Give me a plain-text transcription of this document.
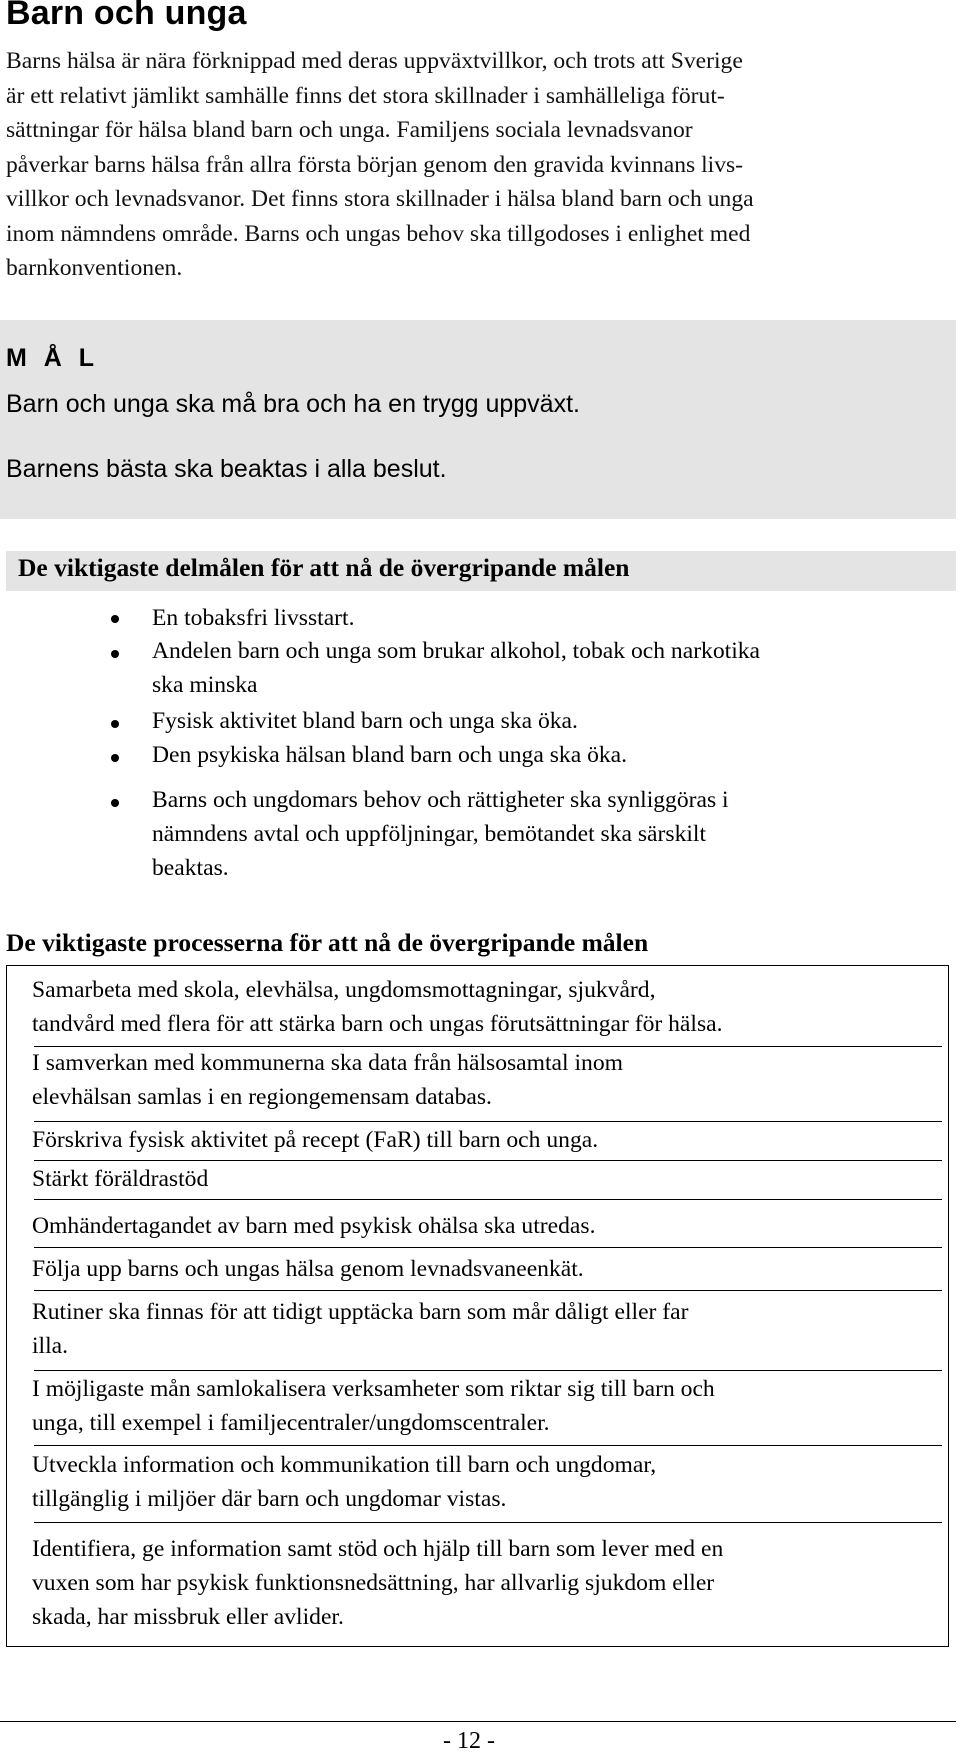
Barn och unga
Barns hälsa är nära förknippad med deras uppväxtvillkor, och trots att Sverige
är ett relativt jämlikt samhälle finns det stora skillnader i samhälleliga förut-
sättningar för hälsa bland barn och unga. Familjens sociala levnadsvanor
påverkar barns hälsa från allra första början genom den gravida kvinnans livs-
villkor och levnadsvanor. Det finns stora skillnader i hälsa bland barn och unga
inom nämndens område. Barns och ungas behov ska tillgodoses i enlighet med
barnkonventionen.
M Å L
Barn och unga ska må bra och ha en trygg uppväxt.
Barnens bästa ska beaktas i alla beslut.
De viktigaste delmålen för att nå de övergripande målen
En tobaksfri livsstart.
Andelen barn och unga som brukar alkohol, tobak och narkotika
ska minska
Fysisk aktivitet bland barn och unga ska öka.
Den psykiska hälsan bland barn och unga ska öka.
Barns och ungdomars behov och rättigheter ska synliggöras i
nämndens avtal och uppföljningar, bemötandet ska särskilt
beaktas.
De viktigaste processerna för att nå de övergripande målen
Samarbeta med skola, elevhälsa, ungdomsmottagningar, sjukvård,
tandvård med flera för att stärka barn och ungas förutsättningar för hälsa.
I samverkan med kommunerna ska data från hälsosamtal inom
elevhälsan samlas i en regiongemensam databas.
Förskriva fysisk aktivitet på recept (FaR) till barn och unga.
Stärkt föräldrastöd
Omhändertagandet av barn med psykisk ohälsa ska utredas.
Följa upp barns och ungas hälsa genom levnadsvaneenkät.
Rutiner ska finnas för att tidigt upptäcka barn som mår dåligt eller far
illa.
I möjligaste mån samlokalisera verksamheter som riktar sig till barn och
unga, till exempel i familjecentraler/ungdomscentraler.
Utveckla information och kommunikation till barn och ungdomar,
tillgänglig i miljöer där barn och ungdomar vistas.
Identifiera, ge information samt stöd och hjälp till barn som lever med en
vuxen som har psykisk funktionsnedsättning, har allvarlig sjukdom eller
skada, har missbruk eller avlider.
- 12 -
